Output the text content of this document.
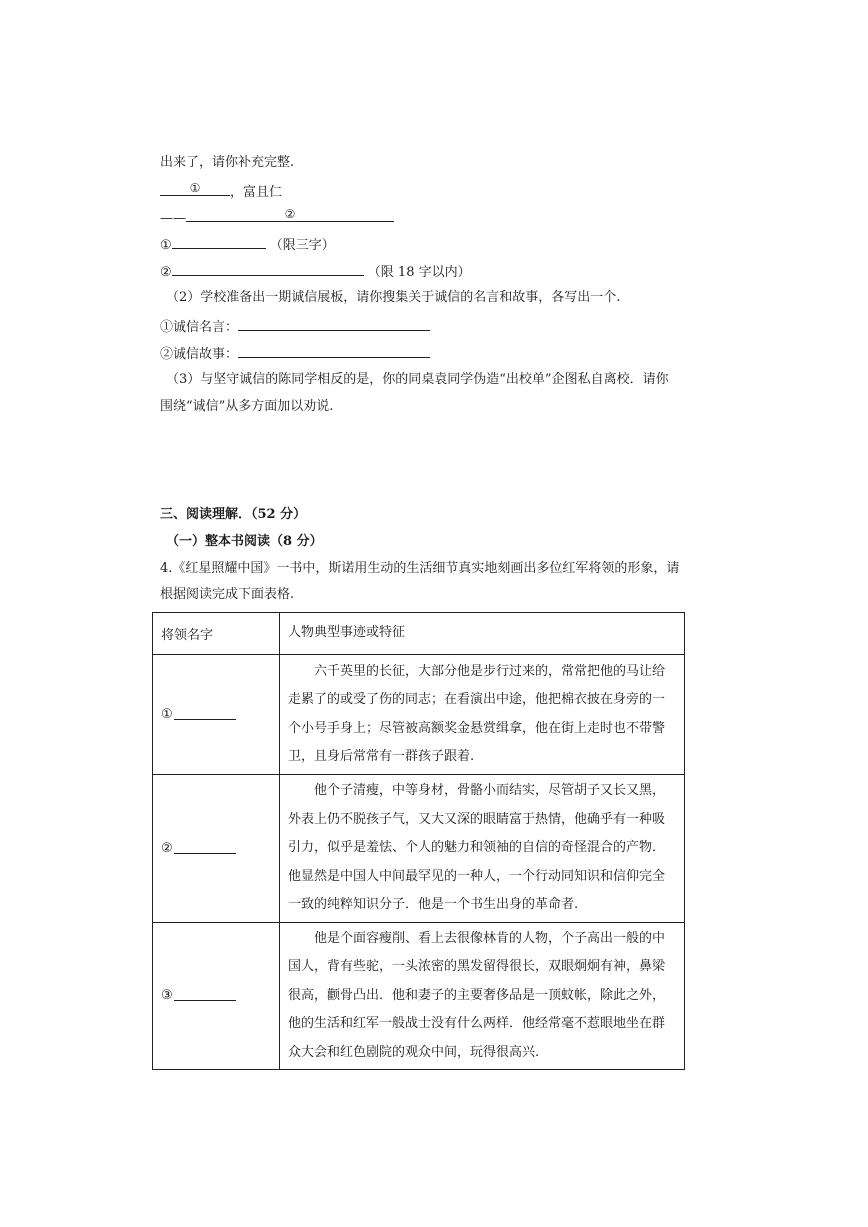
出来了，请你补充完整.
①	，富且仁
——	②
①	（限三字）
②	（限 18 字以内）
（2）学校准备出一期诚信展板，请你搜集关于诚信的名言和故事，各写出一个.
①诚信名言：
②诚信故事：
（3）与坚守诚信的陈同学相反的是，你的同桌袁同学伪造“出校单”企图私自离校．请你
围绕“诚信”从多方面加以劝说.
三、阅读理解．（52 分）
（一）整本书阅读（8 分）
4.《红星照耀中国》一书中，斯诺用生动的生活细节真实地刻画出多位红军将领的形象，请
根据阅读完成下面表格.
将领名字	人物典型事迹或特征
①	六千英里的长征，大部分他是步行过来的，常常把他的马让给走累了的或受了伤的同志；在看演出中途，他把棉衣披在身旁的一个小号手身上；尽管被高额奖金悬赏缉拿，他在街上走时也不带警卫，且身后常常有一群孩子跟着.
②	他个子清瘦，中等身材，骨骼小而结实，尽管胡子又长又黑，外表上仍不脱孩子气，又大又深的眼睛富于热情，他确乎有一种吸引力，似乎是羞怯、个人的魅力和领袖的自信的奇怪混合的产物．他显然是中国人中间最罕见的一种人，一个行动同知识和信仰完全一致的纯粹知识分子．他是一个书生出身的革命者.
③	他是个面容瘦削、看上去很像林肯的人物，个子高出一般的中国人，背有些驼，一头浓密的黑发留得很长，双眼炯炯有神，鼻梁很高，颧骨凸出．他和妻子的主要奢侈品是一顶蚊帐，除此之外，他的生活和红军一般战士没有什么两样．他经常毫不惹眼地坐在群众大会和红色剧院的观众中间，玩得很高兴.
